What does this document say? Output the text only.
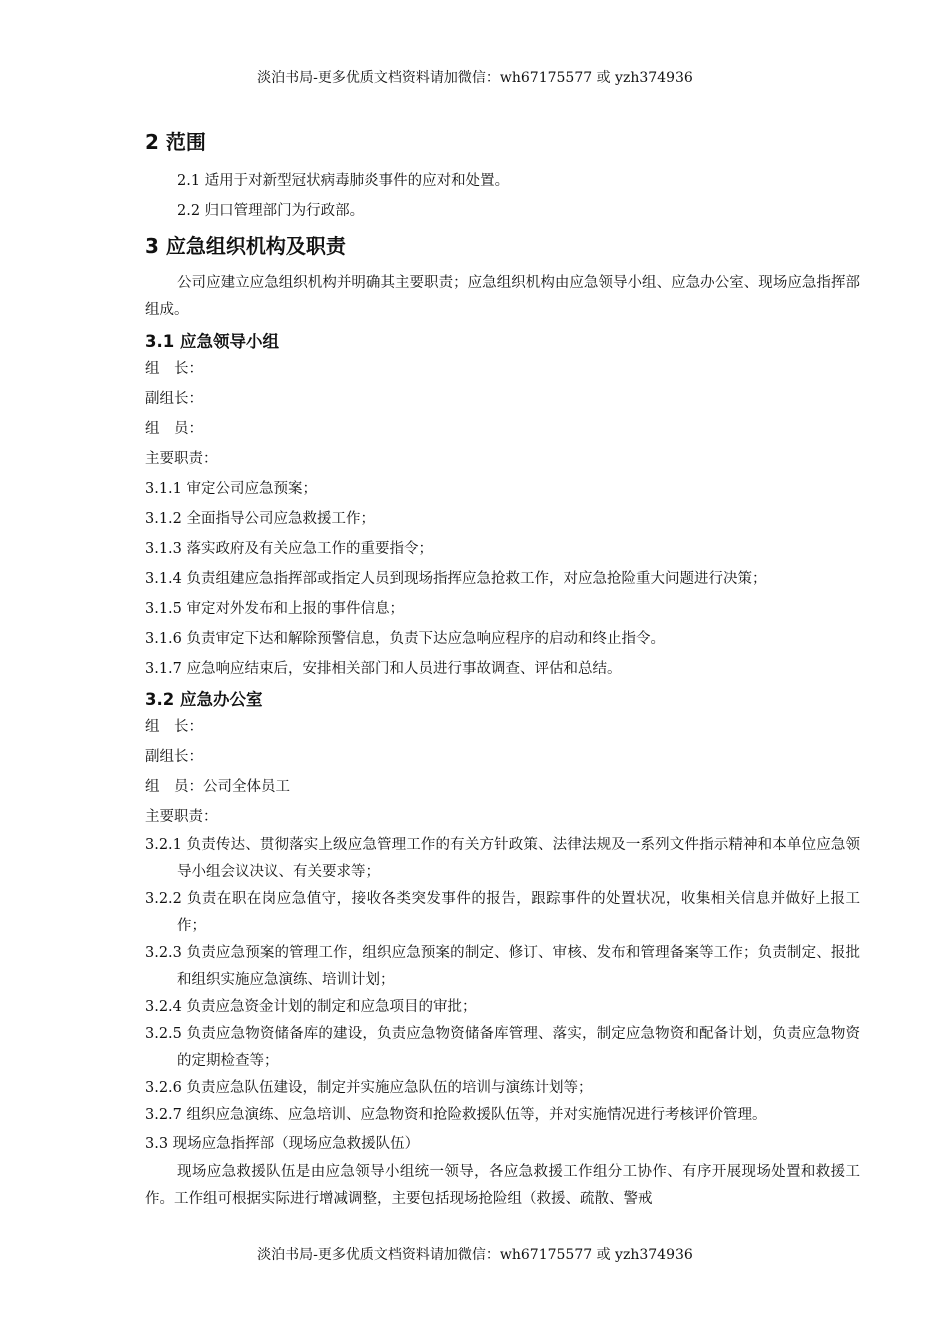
淡泊书局-更多优质文档资料请加微信：wh67175577 或 yzh374936
2 范围
2.1 适用于对新型冠状病毒肺炎事件的应对和处置。
2.2 归口管理部门为行政部。
3 应急组织机构及职责
公司应建立应急组织机构并明确其主要职责；应急组织机构由应急领导小组、应急办公室、现场应急指挥部组成。
3.1 应急领导小组
组　长：
副组长：
组　员：
主要职责：
3.1.1 审定公司应急预案；
3.1.2 全面指导公司应急救援工作；
3.1.3 落实政府及有关应急工作的重要指令；
3.1.4 负责组建应急指挥部或指定人员到现场指挥应急抢救工作，对应急抢险重大问题进行决策；
3.1.5 审定对外发布和上报的事件信息；
3.1.6 负责审定下达和解除预警信息，负责下达应急响应程序的启动和终止指令。
3.1.7 应急响应结束后，安排相关部门和人员进行事故调查、评估和总结。
3.2 应急办公室
组　长：
副组长：
组　员：公司全体员工
主要职责：
3.2.1 负责传达、贯彻落实上级应急管理工作的有关方针政策、法律法规及一系列文件指示精神和本单位应急领导小组会议决议、有关要求等；
3.2.2 负责在职在岗应急值守，接收各类突发事件的报告，跟踪事件的处置状况，收集相关信息并做好上报工作；
3.2.3 负责应急预案的管理工作，组织应急预案的制定、修订、审核、发布和管理备案等工作；负责制定、报批和组织实施应急演练、培训计划；
3.2.4 负责应急资金计划的制定和应急项目的审批；
3.2.5 负责应急物资储备库的建设，负责应急物资储备库管理、落实，制定应急物资和配备计划，负责应急物资的定期检查等；
3.2.6 负责应急队伍建设，制定并实施应急队伍的培训与演练计划等；
3.2.7 组织应急演练、应急培训、应急物资和抢险救援队伍等，并对实施情况进行考核评价管理。
3.3 现场应急指挥部（现场应急救援队伍）
现场应急救援队伍是由应急领导小组统一领导，各应急救援工作组分工协作、有序开展现场处置和救援工作。工作组可根据实际进行增减调整，主要包括现场抢险组（救援、疏散、警戒
淡泊书局-更多优质文档资料请加微信：wh67175577 或 yzh374936
